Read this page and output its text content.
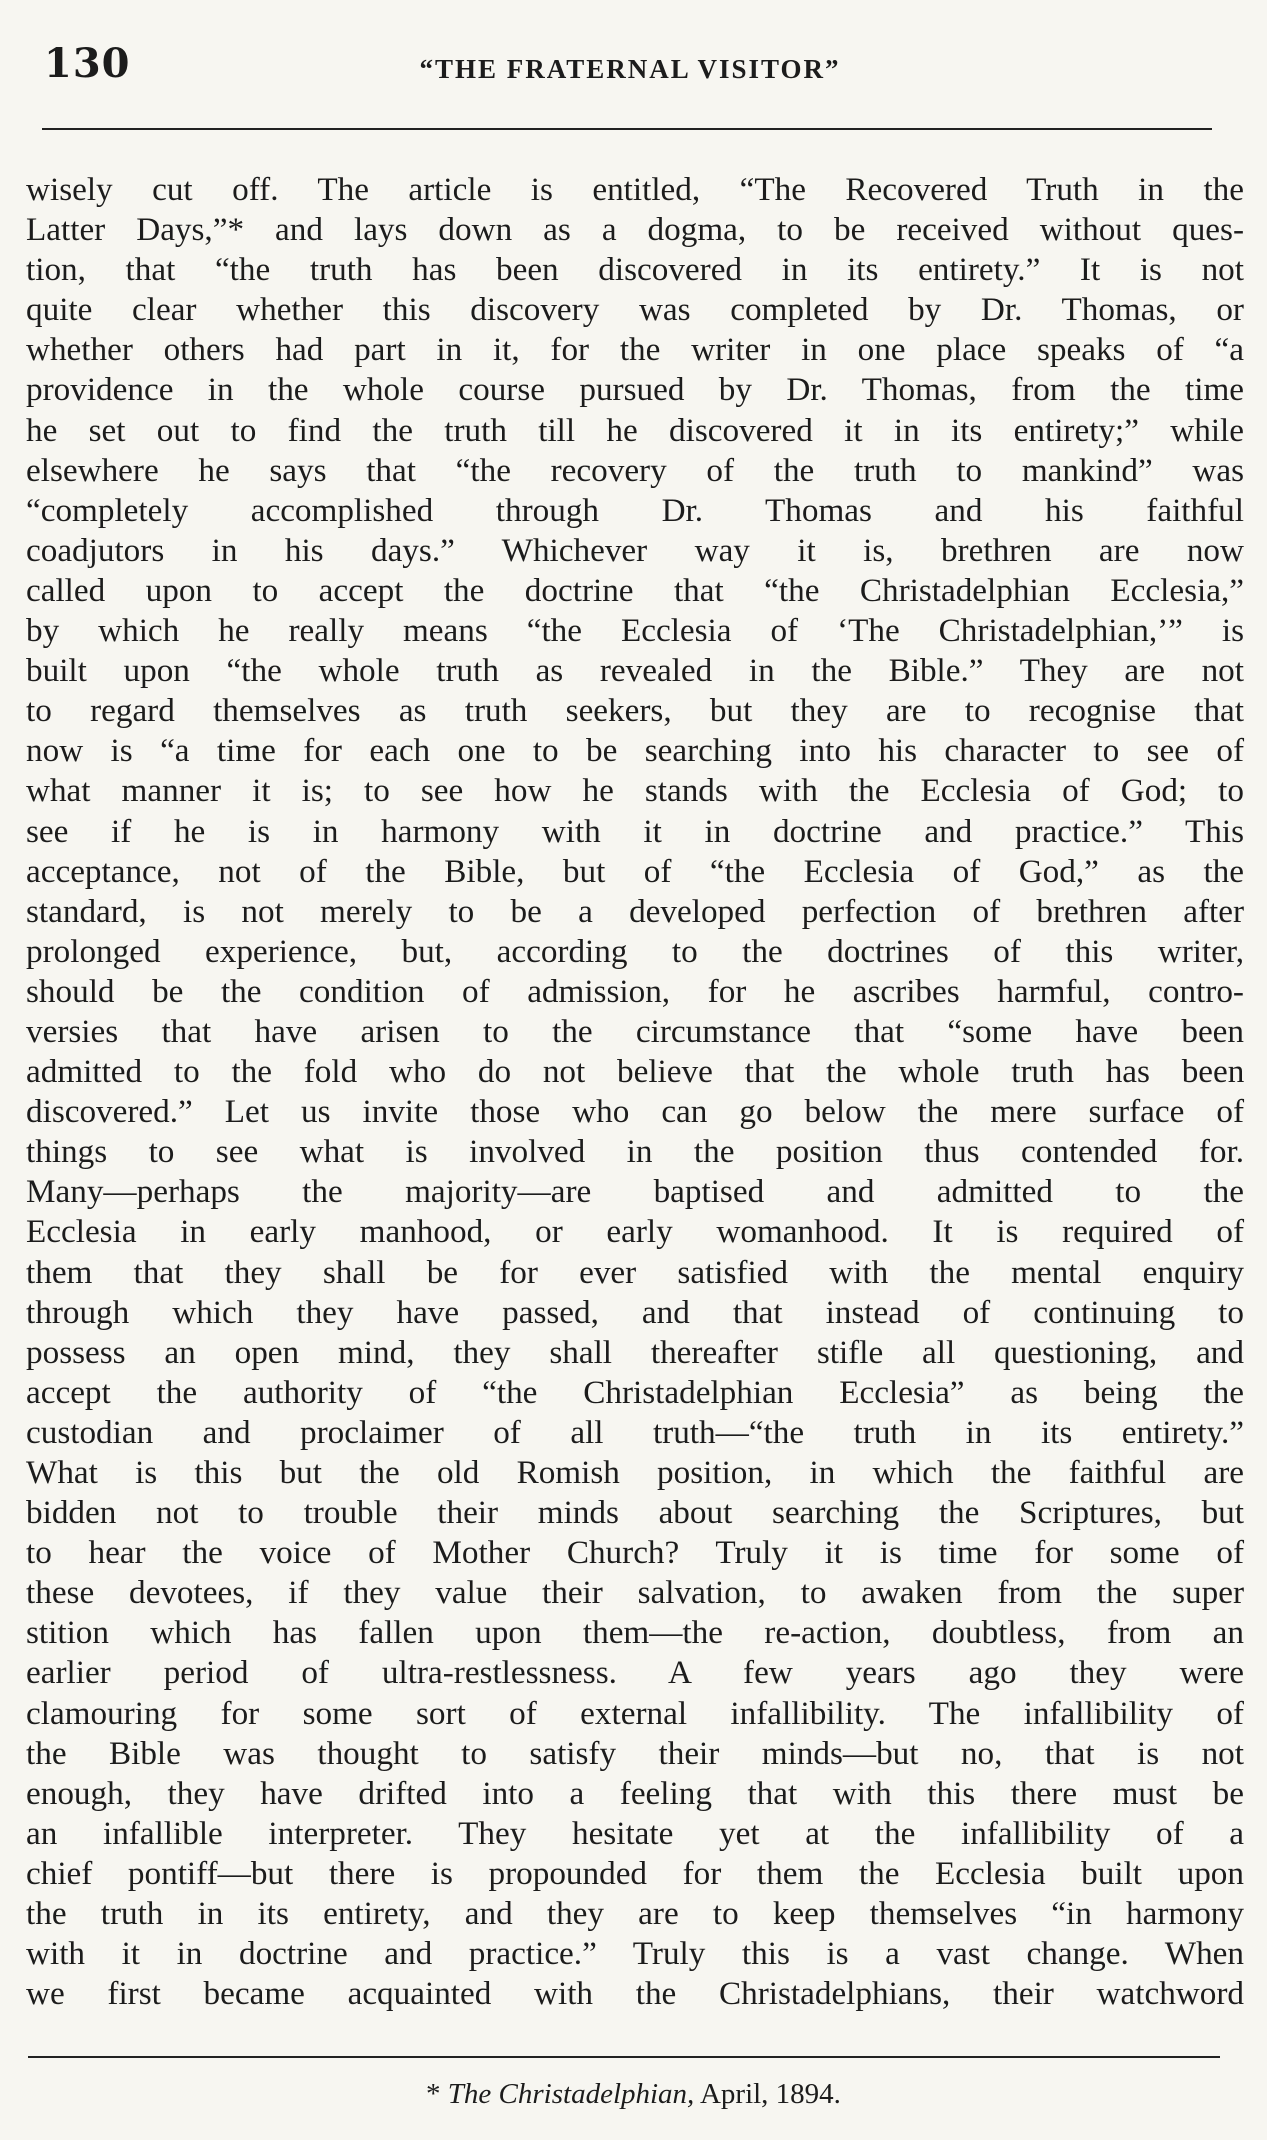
130	“THE FRATERNAL VISITOR”
wisely cut off. The article is entitled, “The Recovered Truth in the
Latter Days,”* and lays down as a dogma, to be received without ques-
tion, that “the truth has been discovered in its entirety.” It is not
quite clear whether this discovery was completed by Dr. Thomas, or
whether others had part in it, for the writer in one place speaks of “a
providence in the whole course pursued by Dr. Thomas, from the time
he set out to find the truth till he discovered it in its entirety;” while
elsewhere he says that “the recovery of the truth to mankind” was
“completely accomplished through Dr. Thomas and his faithful
coadjutors in his days.” Whichever way it is, brethren are now
called upon to accept the doctrine that “the Christadelphian Ecclesia,”
by which he really means “the Ecclesia of ‘The Christadelphian,’” is
built upon “the whole truth as revealed in the Bible.” They are not
to regard themselves as truth seekers, but they are to recognise that
now is “a time for each one to be searching into his character to see of
what manner it is; to see how he stands with the Ecclesia of God; to
see if he is in harmony with it in doctrine and practice.” This
acceptance, not of the Bible, but of “the Ecclesia of God,” as the
standard, is not merely to be a developed perfection of brethren after
prolonged experience, but, according to the doctrines of this writer,
should be the condition of admission, for he ascribes harmful, contro-
versies that have arisen to the circumstance that “some have been
admitted to the fold who do not believe that the whole truth has been
discovered.” Let us invite those who can go below the mere surface of
things to see what is involved in the position thus contended for.
Many—perhaps the majority—are baptised and admitted to the
Ecclesia in early manhood, or early womanhood. It is required of
them that they shall be for ever satisfied with the mental enquiry
through which they have passed, and that instead of continuing to
possess an open mind, they shall thereafter stifle all questioning, and
accept the authority of “the Christadelphian Ecclesia” as being the
custodian and proclaimer of all truth—“the truth in its entirety.”
What is this but the old Romish position, in which the faithful are
bidden not to trouble their minds about searching the Scriptures, but
to hear the voice of Mother Church? Truly it is time for some of
these devotees, if they value their salvation, to awaken from the super
stition which has fallen upon them—the re-action, doubtless, from an
earlier period of ultra-restlessness. A few years ago they were
clamouring for some sort of external infallibility. The infallibility of
the Bible was thought to satisfy their minds—but no, that is not
enough, they have drifted into a feeling that with this there must be
an infallible interpreter. They hesitate yet at the infallibility of a
chief pontiff—but there is propounded for them the Ecclesia built upon
the truth in its entirety, and they are to keep themselves “in harmony
with it in doctrine and practice.” Truly this is a vast change. When
we first became acquainted with the Christadelphians, their watchword
* The Christadelphian, April, 1894.
